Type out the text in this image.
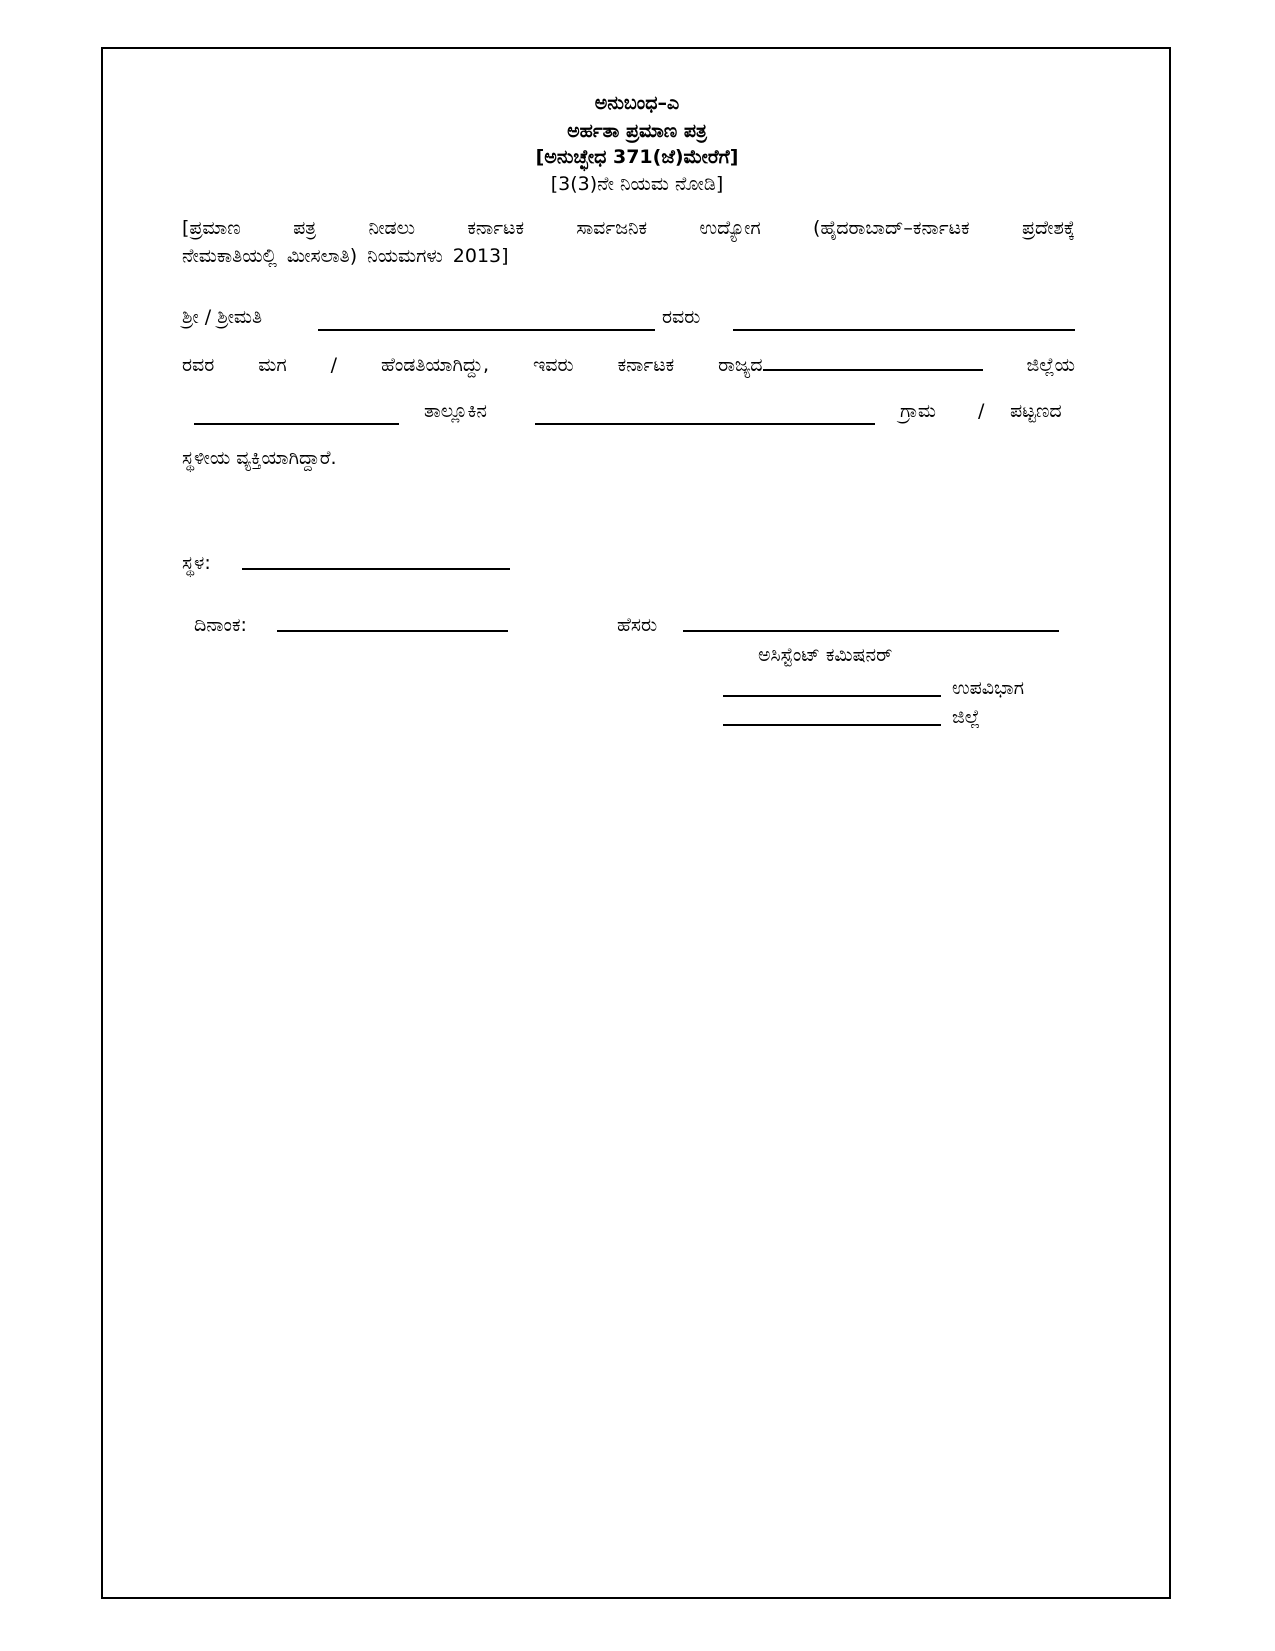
ಅನುಬಂಧ–ಎ
ಅರ್ಹತಾ ಪ್ರಮಾಣ ಪತ್ರ
[ಅನುಚ್ಛೇಧ 371(ಜೆ)ಮೇರೆಗೆ]
[3(3)ನೇ ನಿಯಮ ನೋಡಿ]
[ಪ್ರಮಾಣ	ಪತ್ರ	ನೀಡಲು	ಕರ್ನಾಟಕ	ಸಾರ್ವಜನಿಕ	ಉದ್ಯೋಗ	(ಹೈದರಾಬಾದ್–ಕರ್ನಾಟಕ	ಪ್ರದೇಶಕ್ಕೆ
ನೇಮಕಾತಿಯಲ್ಲಿ ಮೀಸಲಾತಿ) ನಿಯಮಗಳು 2013]
ಶ್ರೀ / ಶ್ರೀಮತಿ	ರವರು
ರವರ ಮಗ / ಹೆಂಡತಿಯಾಗಿದ್ದು, ಇವರು ಕರ್ನಾಟಕ ರಾಜ್ಯದ	ಜಿಲ್ಲೆಯ
ತಾಲ್ಲೂಕಿನ	ಗ್ರಾಮ / ಪಟ್ಟಣದ
ಸ್ಥಳೀಯ ವ್ಯಕ್ತಿಯಾಗಿದ್ದಾರೆ.
ಸ್ಥಳ:
ದಿನಾಂಕ:	ಹೆಸರು
ಅಸಿಸ್ಟೆಂಟ್ ಕಮಿಷನರ್
ಉಪವಿಭಾಗ
ಜಿಲ್ಲೆ
